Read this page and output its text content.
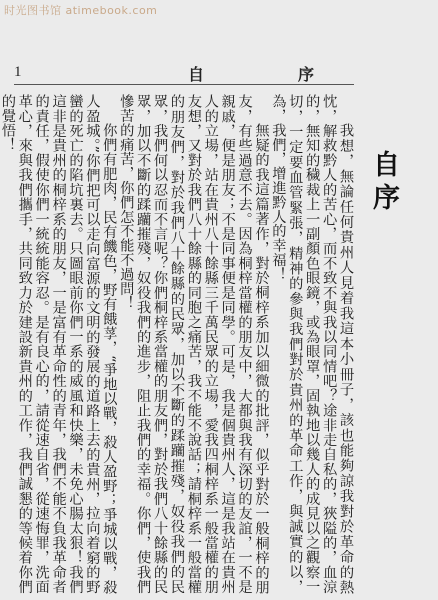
时光图书馆 atimebook.com
1	自	序
自序

我想，無論任何貴州人見着我這本小冊子，該也能夠諒我對於革命的熱忱，解救黔人的苦心，而不致不與我以同情吧？途非走自私的，狹隘的，血涼的，無知的穢裁上一副顏色眼鏡，或為眼罩，固執地以幾人的成見以之觀察一切，一定要血管緊張，精神的參與我們對於貴州的革命工作，與誠實的以，為，我們，增進黔人的幸福！

無疑的我這篇著作，對於桐梓系加以細微的批評，似乎對於一般桐梓的朋友，有些過意不去。因為桐梓當權的朋友中，大都與我有深切的友誼，一不是親戚，便是朋友；不是同事便是同學。可是，我是個貴州人，這是我站在貴州人的立場，站在貴州八十餘縣三千萬民眾的立場，愛我四桐梓系一般當權的朋友想，又對於我們八十餘縣的同胞之痛苦，我不能不說話；請桐梓系一般當權的朋友們，對於我們八十餘縣的民眾，加以不斷的蹂躪摧殘，奴役我們的民眾，我們何以忍而不言呢？你們桐梓系當權的朋友們，對於我們八十餘縣的民眾，加以不斷的蹂躪摧殘，奴役我們的進步，阻止我們的幸福。你們，使我們慘苦的痛苦，你們怎不能不過問！

你們有肥肉，民有饑色，野有餓莩，“爭地以戰，殺人盈野；爭城以戰，殺人盈城。”你們把可以走向富源的文明的發展的道路上去的貴州，拉向着窮的野蠻的死亡的陷坑裏去。只圖眼前你們一系的威風和快樂，未免心腸太狠！我們這非是貴州的桐梓系的朋友，一是富有革命性的青年，我們不能不負我革命者的責任，假使你們一統統能容忍。是有良心的，請從速自省，從速悔罪，洗面革心，來與我們攜手，共同致力於建設新貴州的工作，我們誠懇的等候着你們的覺悟！
